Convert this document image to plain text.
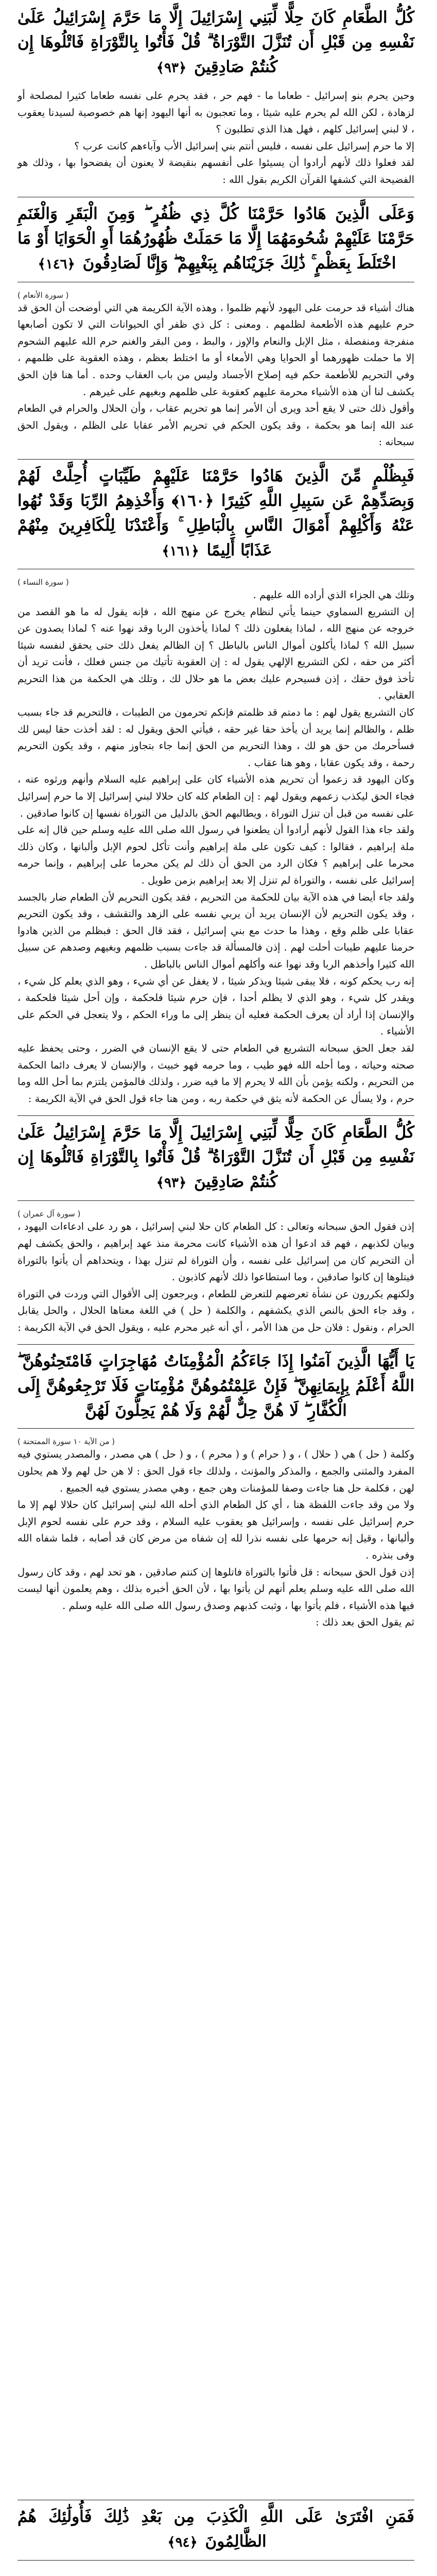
كُلُّ الطَّعَامِ كَانَ حِلًّا لِّبَنِي إِسْرَائِيلَ إِلَّا مَا حَرَّمَ إِسْرَائِيلُ عَلَىٰ نَفْسِهِ مِن قَبْلِ أَن تُنَزَّلَ التَّوْرَاةُ ۗ قُلْ فَأْتُوا بِالتَّوْرَاةِ فَاتْلُوهَا إِن كُنتُمْ صَادِقِينَ ﴿٩٣﴾

وحين يحرم بنو إسرائيل - طعاما ما - فهم حر ، فقد يحرم على نفسه طعاما كثيرا لمصلحة أو لزهادة ، لكن الله لم يحرم عليه شيئا ، وما تعجبون به أنها اليهود إنها هم خصوصية لسيدنا يعقوب ، لا لبني إسرائيل كلهم ، فهل هذا الذي تطلبون ؟

إلا ما حرم إسرائيل على نفسه ، فليس أنتم بني إسرائيل الأب وآباءهم كانت عرب ؟

لقد فعلوا ذلك لأنهم أرادوا أن يسيئوا على أنفسهم بنقيضة لا يعنون أن يفضحوا بها ، وذلك هو الفضيحة التي كشفها القرآن الكريم بقول الله :

وَعَلَى الَّذِينَ هَادُوا حَرَّمْنَا كُلَّ ذِي ظُفُرٍ ۖ وَمِنَ الْبَقَرِ وَالْغَنَمِ حَرَّمْنَا عَلَيْهِمْ شُحُومَهُمَا إِلَّا مَا حَمَلَتْ ظُهُورُهُمَا أَوِ الْحَوَايَا أَوْ مَا اخْتَلَطَ بِعَظْمٍ ۚ ذَٰلِكَ جَزَيْنَاهُم بِبَغْيِهِمْ ۖ وَإِنَّا لَصَادِقُونَ ﴿١٤٦﴾

( سورة الأنعام )

هناك أشياء قد حرمت على اليهود لأنهم ظلموا ، وهذه الآية الكريمة هي التي أوضحت أن الحق قد حرم عليهم هذه الأطعمة لظلمهم . ومعنى : كل ذي ظفر أي الحيوانات التي لا تكون أصابعها منفرجة ومنفصلة ، مثل الإبل والنعام والإوز ، والبط ، ومن البقر والغنم حرم الله عليهم الشحوم إلا ما حملت ظهورهما أو الحوايا وهي الأمعاء أو ما اختلط بعظم ، وهذه العقوبة على ظلمهم ، وفي التحريم للأطعمة حكم فيه إصلاح الأجساد وليس من باب العقاب وحده . أما هنا فإن الحق يكشف لنا أن هذه الأشياء محرمة عليهم كعقوبة على ظلمهم وبغيهم على غيرهم .

وأقول ذلك حتى لا يقع أحد ويرى أن الأمر إنما هو تحريم عقاب ، وأن الحلال والحرام في الطعام عند الله إنما هو بحكمة ، وقد يكون الحكم في تحريم الأمر عقابا على الظلم ، ويقول الحق سبحانه :

فَبِظُلْمٍ مِّنَ الَّذِينَ هَادُوا حَرَّمْنَا عَلَيْهِمْ طَيِّبَاتٍ أُحِلَّتْ لَهُمْ وَبِصَدِّهِمْ عَن سَبِيلِ اللَّهِ كَثِيرًا ﴿١٦٠﴾ وَأَخْذِهِمُ الرِّبَا وَقَدْ نُهُوا عَنْهُ وَأَكْلِهِمْ أَمْوَالَ النَّاسِ بِالْبَاطِلِ ۚ وَأَعْتَدْنَا لِلْكَافِرِينَ مِنْهُمْ عَذَابًا أَلِيمًا ﴿١٦١﴾

( سورة النساء )

وتلك هي الجزاء الذي أراده الله عليهم .

إن التشريع السماوي حينما يأتي لنظام يخرج عن منهج الله ، فإنه يقول له ما هو القصد من خروجه عن منهج الله ، لماذا يفعلون ذلك ؟ لماذا يأخذون الربا وقد نهوا عنه ؟ لماذا يصدون عن سبيل الله ؟ لماذا يأكلون أموال الناس بالباطل ؟ إن الظالم يفعل ذلك حتى يحقق لنفسه شيئا أكثر من حقه ، لكن التشريع الإلهي يقول له : إن العقوبة تأتيك من جنس فعلك ، فأنت تريد أن تأخذ فوق حقك ، إذن فسيحرم عليك بعض ما هو حلال لك ، وتلك هي الحكمة من هذا التحريم العقابي .

كان التشريع يقول لهم : ما دمتم قد ظلمتم فإنكم تحرمون من الطيبات ، فالتحريم قد جاء بسبب ظلم ، والظالم إنما يريد أن يأخذ حقا غير حقه ، فيأتي الحق ويقول له : لقد أخذت حقا ليس لك فسأحرمك من حق هو لك ، وهذا التحريم من الحق إنما جاء بتجاوز منهم ، وقد يكون التحريم رحمة ، وقد يكون عقابا ، وهو هنا عقاب .

وكان اليهود قد زعموا أن تحريم هذه الأشياء كان على إبراهيم عليه السلام وأنهم ورثوه عنه ، فجاء الحق ليكذب زعمهم ويقول لهم : إن الطعام كله كان حلالا لبني إسرائيل إلا ما حرم إسرائيل على نفسه من قبل أن تنزل التوراة ، ويطالبهم الحق بالدليل من التوراة نفسها إن كانوا صادقين .

ولقد جاء هذا القول لأنهم أرادوا أن يطعنوا في رسول الله صلى الله عليه وسلم حين قال إنه على ملة إبراهيم ، فقالوا : كيف تكون على ملة إبراهيم وأنت تأكل لحوم الإبل وألبانها ، وكان ذلك محرما على إبراهيم ؟ فكان الرد من الحق أن ذلك لم يكن محرما على إبراهيم ، وإنما حرمه إسرائيل على نفسه ، والتوراة لم تنزل إلا بعد إبراهيم بزمن طويل .

ولقد جاء أيضا في هذه الآية بيان للحكمة من التحريم ، فقد يكون التحريم لأن الطعام ضار بالجسد ، وقد يكون التحريم لأن الإنسان يريد أن يربي نفسه على الزهد والتقشف ، وقد يكون التحريم عقابا على ظلم وقع ، وهذا ما حدث مع بني إسرائيل ، فقد قال الحق : فبظلم من الذين هادوا حرمنا عليهم طيبات أحلت لهم . إذن فالمسألة قد جاءت بسبب ظلمهم وبغيهم وصدهم عن سبيل الله كثيرا وأخذهم الربا وقد نهوا عنه وأكلهم أموال الناس بالباطل .

إنه رب يحكم كونه ، فلا يبقى شيئا ويذكر شيئا ، لا يغفل عن أي شيء ، وهو الذي يعلم كل شيء ، ويقدر كل شيء ، وهو الذي لا يظلم أحدا ، فإن حرم شيئا فلحكمة ، وإن أحل شيئا فلحكمة ، والإنسان إذا أراد أن يعرف الحكمة فعليه أن ينظر إلى ما وراء الحكم ، ولا يتعجل في الحكم على الأشياء .

لقد جعل الحق سبحانه التشريع في الطعام حتى لا يقع الإنسان في الضرر ، وحتى يحفظ عليه صحته وحياته ، وما أحله الله فهو طيب ، وما حرمه فهو خبيث ، والإنسان لا يعرف دائما الحكمة من التحريم ، ولكنه يؤمن بأن الله لا يحرم إلا ما فيه ضرر ، ولذلك فالمؤمن يلتزم بما أحل الله وما حرم ، ولا يسأل عن الحكمة لأنه يثق في حكمة ربه ، ومن هنا جاء قول الحق في الآية الكريمة :

كُلُّ الطَّعَامِ كَانَ حِلًّا لِّبَنِي إِسْرَائِيلَ إِلَّا مَا حَرَّمَ إِسْرَائِيلُ عَلَىٰ نَفْسِهِ مِن قَبْلِ أَن تُنَزَّلَ التَّوْرَاةُ ۗ قُلْ فَأْتُوا بِالتَّوْرَاةِ فَاتْلُوهَا إِن كُنتُمْ صَادِقِينَ ﴿٩٣﴾

( سورة آل عمران )

إذن فقول الحق سبحانه وتعالى : كل الطعام كان حلا لبني إسرائيل ، هو رد على ادعاءات اليهود ، وبيان لكذبهم ، فهم قد ادعوا أن هذه الأشياء كانت محرمة منذ عهد إبراهيم ، والحق يكشف لهم أن التحريم كان من إسرائيل على نفسه ، وأن التوراة لم تنزل بهذا ، ويتحداهم أن يأتوا بالتوراة فيتلوها إن كانوا صادقين ، وما استطاعوا ذلك لأنهم كاذبون .

ولكنهم يكررون عن نشأة تعرضهم للتعرض للطعام ، ويرجعون إلى الأقوال التي وردت في التوراة ، وقد جاء الحق بالنص الذي يكشفهم ، والكلمة ( حل ) في اللغة معناها الحلال ، والحل يقابل الحرام ، ونقول : فلان حل من هذا الأمر ، أي أنه غير محرم عليه ، ويقول الحق في الآية الكريمة :

يَا أَيُّهَا الَّذِينَ آمَنُوا إِذَا جَاءَكُمُ الْمُؤْمِنَاتُ مُهَاجِرَاتٍ فَامْتَحِنُوهُنَّ ۖ اللَّهُ أَعْلَمُ بِإِيمَانِهِنَّ ۖ فَإِنْ عَلِمْتُمُوهُنَّ مُؤْمِنَاتٍ فَلَا تَرْجِعُوهُنَّ إِلَى الْكُفَّارِ ۖ لَا هُنَّ حِلٌّ لَّهُمْ وَلَا هُمْ يَحِلُّونَ لَهُنَّ

( من الآية ١٠ سورة الممتحنة )

وكلمة ( حل ) هي ( حلال ) ، و ( حرام ) و ( محرم ) ، و ( حل ) هي مصدر ، والمصدر يستوي فيه المفرد والمثنى والجمع ، والمذكر والمؤنث ، ولذلك جاء قول الحق : لا هن حل لهم ولا هم يحلون لهن ، فكلمة حل هنا جاءت وصفا للمؤمنات وهن جمع ، وهي مصدر يستوي فيه الجميع .

ولا من وقد جاءت اللفظة هنا ، أي كل الطعام الذي أحله الله لبني إسرائيل كان حلالا لهم إلا ما حرم إسرائيل على نفسه ، وإسرائيل هو يعقوب عليه السلام ، وقد حرم على نفسه لحوم الإبل وألبانها ، وقيل إنه حرمها على نفسه نذرا لله إن شفاه من مرض كان قد أصابه ، فلما شفاه الله وفى بنذره .

إذن قول الحق سبحانه : قل فأتوا بالتوراة فاتلوها إن كنتم صادقين ، هو تحد لهم ، وقد كان رسول الله صلى الله عليه وسلم يعلم أنهم لن يأتوا بها ، لأن الحق أخبره بذلك ، وهم يعلمون أنها ليست فيها هذه الأشياء ، فلم يأتوا بها ، وثبت كذبهم وصدق رسول الله صلى الله عليه وسلم .

ثم يقول الحق بعد ذلك :

فَمَنِ افْتَرَىٰ عَلَى اللَّهِ الْكَذِبَ مِن بَعْدِ ذَٰلِكَ فَأُولَٰئِكَ هُمُ الظَّالِمُونَ ﴿٩٤﴾
